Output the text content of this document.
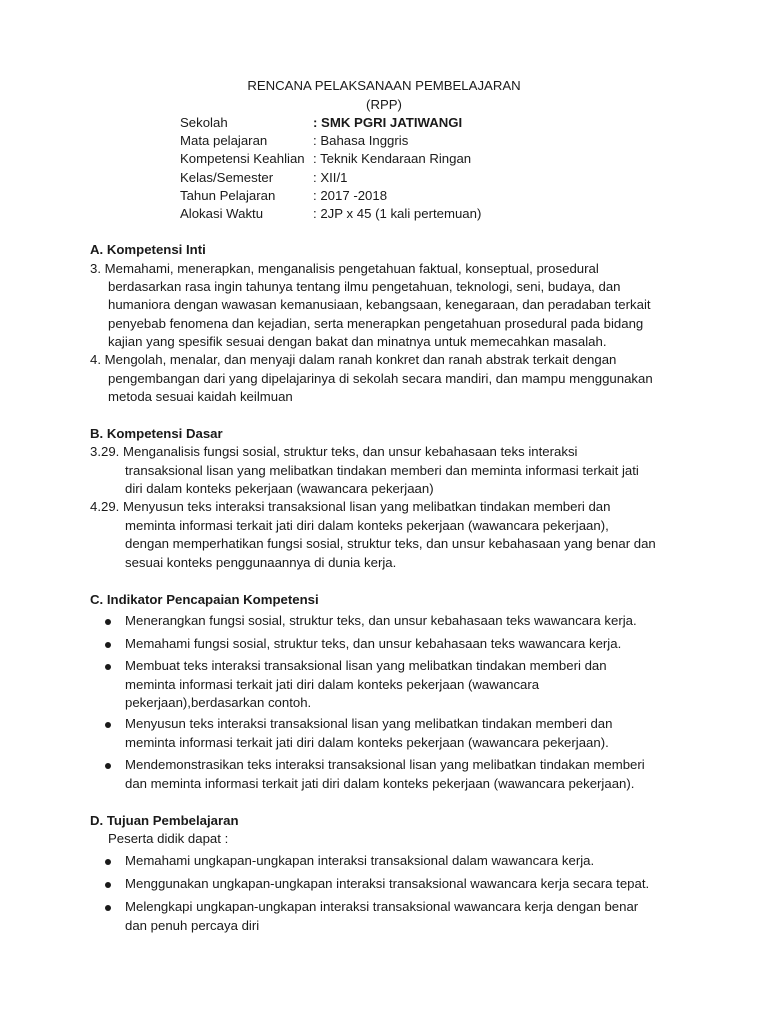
RENCANA PELAKSANAAN PEMBELAJARAN
(RPP)
Sekolah	: SMK PGRI JATIWANGI
Mata pelajaran	: Bahasa Inggris
Kompetensi Keahlian : Teknik Kendaraan Ringan
Kelas/Semester	: XII/1
Tahun Pelajaran	: 2017 -2018
Alokasi Waktu	: 2JP x 45 (1 kali pertemuan)
A. Kompetensi Inti
3. Memahami, menerapkan, menganalisis pengetahuan faktual, konseptual, prosedural
berdasarkan rasa ingin tahunya tentang ilmu pengetahuan, teknologi, seni, budaya, dan
humaniora dengan wawasan kemanusiaan, kebangsaan, kenegaraan, dan peradaban terkait
penyebab fenomena dan kejadian, serta menerapkan pengetahuan prosedural pada bidang
kajian yang spesifik sesuai dengan bakat dan minatnya untuk memecahkan masalah.
4. Mengolah, menalar, dan menyaji dalam ranah konkret dan ranah abstrak terkait dengan
pengembangan dari yang dipelajarinya di sekolah secara mandiri, dan mampu menggunakan
metoda sesuai kaidah keilmuan
B. Kompetensi Dasar
3.29. Menganalisis fungsi sosial, struktur teks, dan unsur kebahasaan teks interaksi
transaksional lisan yang melibatkan tindakan memberi dan meminta informasi terkait jati
diri dalam konteks pekerjaan (wawancara pekerjaan)
4.29. Menyusun teks interaksi transaksional lisan yang melibatkan tindakan memberi dan
meminta informasi terkait jati diri dalam konteks pekerjaan (wawancara pekerjaan),
dengan memperhatikan fungsi sosial, struktur teks, dan unsur kebahasaan yang benar dan
sesuai konteks penggunaannya di dunia kerja.
C. Indikator Pencapaian Kompetensi
Menerangkan fungsi sosial, struktur teks, dan unsur kebahasaan teks wawancara kerja.
Memahami fungsi sosial, struktur teks, dan unsur kebahasaan teks wawancara kerja.
Membuat teks interaksi transaksional lisan yang melibatkan tindakan memberi dan
meminta informasi terkait jati diri dalam konteks pekerjaan (wawancara
pekerjaan),berdasarkan contoh.
Menyusun teks interaksi transaksional lisan yang melibatkan tindakan memberi dan
meminta informasi terkait jati diri dalam konteks pekerjaan (wawancara pekerjaan).
Mendemonstrasikan teks interaksi transaksional lisan yang melibatkan tindakan memberi
dan meminta informasi terkait jati diri dalam konteks pekerjaan (wawancara pekerjaan).
D. Tujuan Pembelajaran
Peserta didik dapat :
Memahami ungkapan-ungkapan interaksi transaksional dalam wawancara kerja.
Menggunakan ungkapan-ungkapan interaksi transaksional wawancara kerja secara tepat.
Melengkapi ungkapan-ungkapan interaksi transaksional wawancara kerja dengan benar
dan penuh percaya diri
